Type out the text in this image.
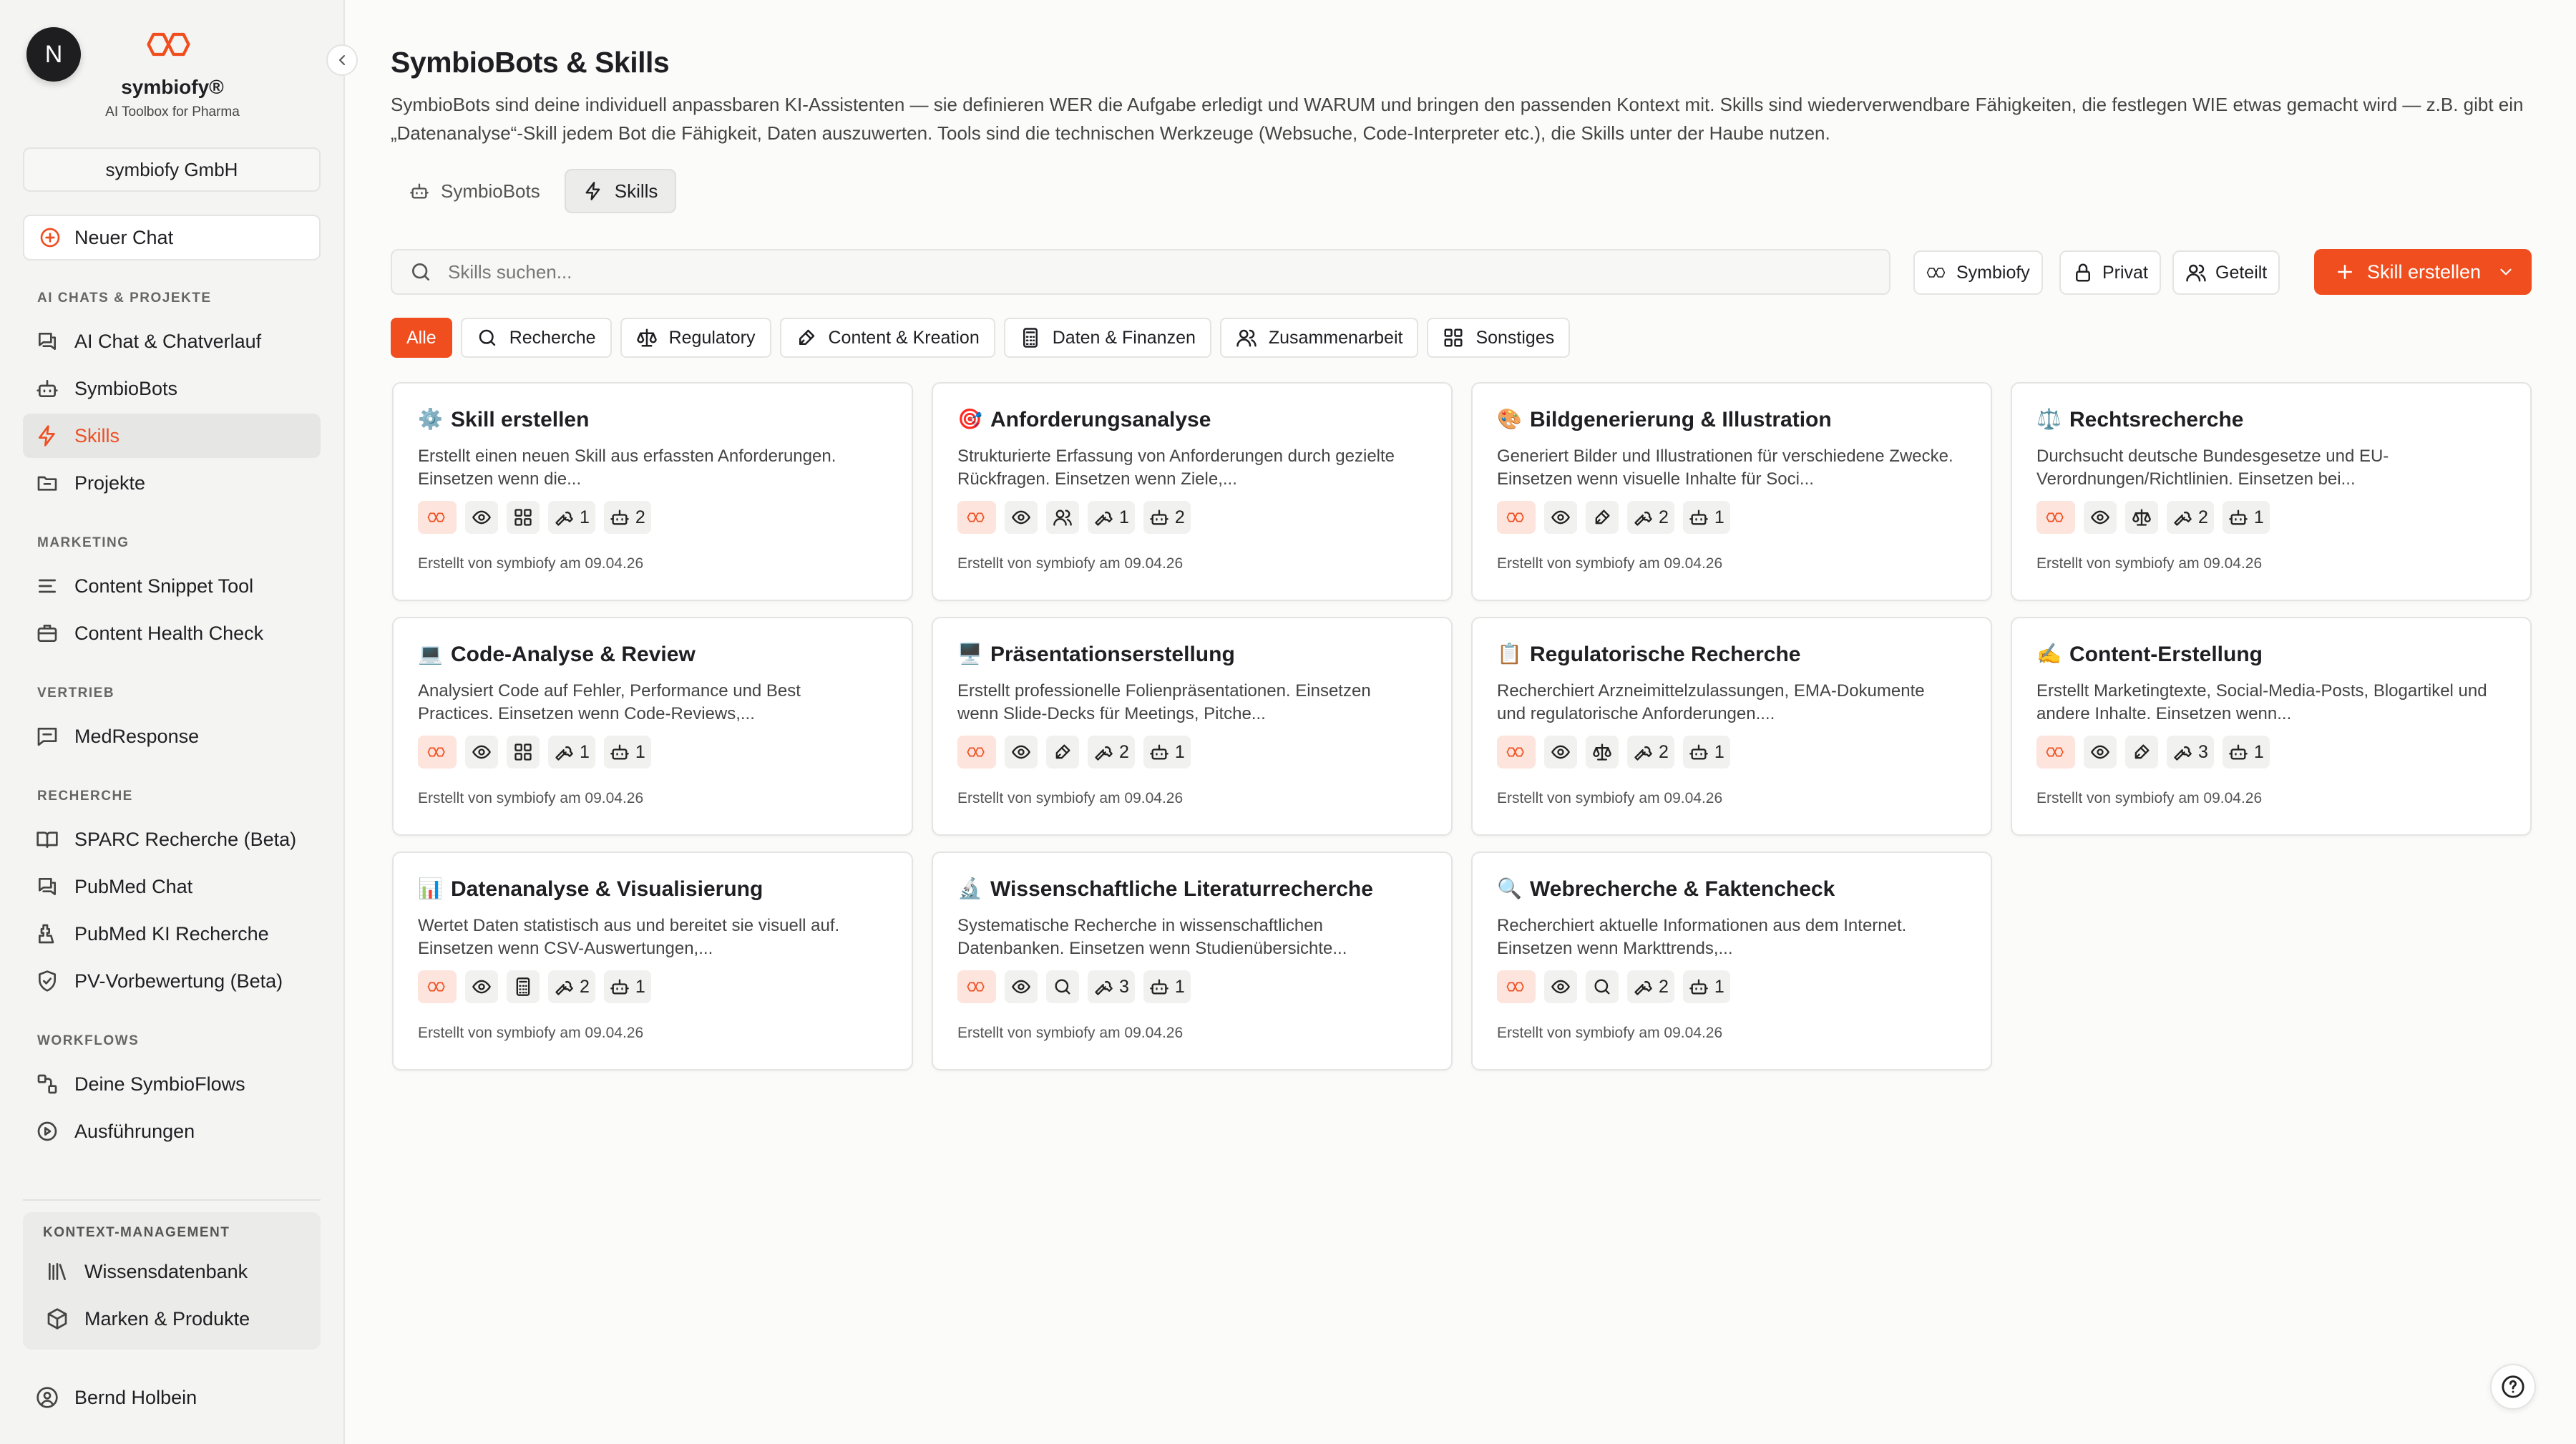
N
symbiofy®
AI Toolbox for Pharma
symbiofy GmbH
Neuer Chat
AI CHATS & PROJEKTE
AI Chat & Chatverlauf
SymbioBots
Skills
Projekte
MARKETING
Content Snippet Tool
Content Health Check
VERTRIEB
MedResponse
RECHERCHE
SPARC Recherche (Beta)
PubMed Chat
PubMed KI Recherche
PV-Vorbewertung (Beta)
WORKFLOWS
Deine SymbioFlows
Ausführungen
KONTEXT-MANAGEMENT
Wissensdatenbank
Marken & Produkte
Bernd Holbein
SymbioBots & Skills

SymbioBots sind deine individuell anpassbaren KI-Assistenten — sie definieren WER die Aufgabe erledigt und WARUM und bringen den passenden Kontext mit. Skills sind wiederverwendbare Fähigkeiten, die festlegen WIE etwas gemacht wird — z.B. gibt ein „Datenanalyse“-Skill jedem Bot die Fähigkeit, Daten auszuwerten. Tools sind die technischen Werkzeuge (Websuche, Code-Interpreter etc.), die Skills unter der Haube nutzen.

SymbioBots	Skills
Skills suchen...
Symbiofy	Privat	Geteilt	Skill erstellen
Alle	Recherche	Regulatory	Content & Kreation	Daten & Finanzen	Zusammenarbeit	Sonstiges
⚙️ Skill erstellen
Erstellt einen neuen Skill aus erfassten Anforderungen. Einsetzen wenn die...
1	2
Erstellt von symbiofy am 09.04.26
🎯 Anforderungsanalyse
Strukturierte Erfassung von Anforderungen durch gezielte Rückfragen. Einsetzen wenn Ziele,...
1	2
Erstellt von symbiofy am 09.04.26
🎨 Bildgenerierung & Illustration
Generiert Bilder und Illustrationen für verschiedene Zwecke. Einsetzen wenn visuelle Inhalte für Soci...
2	1
Erstellt von symbiofy am 09.04.26
⚖️ Rechtsrecherche
Durchsucht deutsche Bundesgesetze und EU-Verordnungen/Richtlinien. Einsetzen bei...
2	1
Erstellt von symbiofy am 09.04.26
💻 Code-Analyse & Review
Analysiert Code auf Fehler, Performance und Best Practices. Einsetzen wenn Code-Reviews,...
1	1
Erstellt von symbiofy am 09.04.26
🖥️ Präsentationserstellung
Erstellt professionelle Folienpräsentationen. Einsetzen wenn Slide-Decks für Meetings, Pitche...
2	1
Erstellt von symbiofy am 09.04.26
📋 Regulatorische Recherche
Recherchiert Arzneimittelzulassungen, EMA-Dokumente und regulatorische Anforderungen....
2	1
Erstellt von symbiofy am 09.04.26
✍️ Content-Erstellung
Erstellt Marketingtexte, Social-Media-Posts, Blogartikel und andere Inhalte. Einsetzen wenn...
3	1
Erstellt von symbiofy am 09.04.26
📊 Datenanalyse & Visualisierung
Wertet Daten statistisch aus und bereitet sie visuell auf. Einsetzen wenn CSV-Auswertungen,...
2	1
Erstellt von symbiofy am 09.04.26
🔬 Wissenschaftliche Literaturrecherche
Systematische Recherche in wissenschaftlichen Datenbanken. Einsetzen wenn Studienübersichte...
3	1
Erstellt von symbiofy am 09.04.26
🔍 Webrecherche & Faktencheck
Recherchiert aktuelle Informationen aus dem Internet. Einsetzen wenn Markttrends,...
2	1
Erstellt von symbiofy am 09.04.26
